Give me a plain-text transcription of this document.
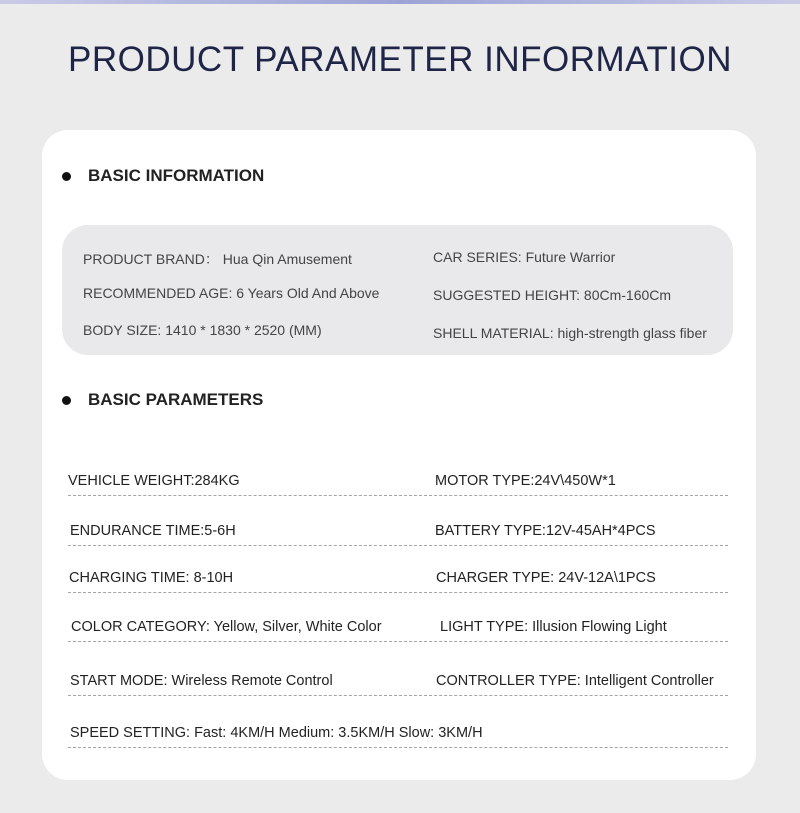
PRODUCT PARAMETER INFORMATION
BASIC INFORMATION
PRODUCT BRAND： Hua Qin Amusement	CAR SERIES: Future Warrior
RECOMMENDED AGE: 6 Years Old And Above	SUGGESTED HEIGHT: 80Cm-160Cm
BODY SIZE: 1410 * 1830 * 2520 (MM)	SHELL MATERIAL: high-strength glass fiber
BASIC PARAMETERS
VEHICLE WEIGHT:284KG	MOTOR TYPE:24V\450W*1
ENDURANCE TIME:5-6H	BATTERY TYPE:12V-45AH*4PCS
CHARGING TIME: 8-10H	CHARGER TYPE: 24V-12A\1PCS
COLOR CATEGORY: Yellow, Silver, White Color	LIGHT TYPE: Illusion Flowing Light
START MODE: Wireless Remote Control	CONTROLLER TYPE: Intelligent Controller
SPEED SETTING: Fast: 4KM/H Medium: 3.5KM/H Slow: 3KM/H
